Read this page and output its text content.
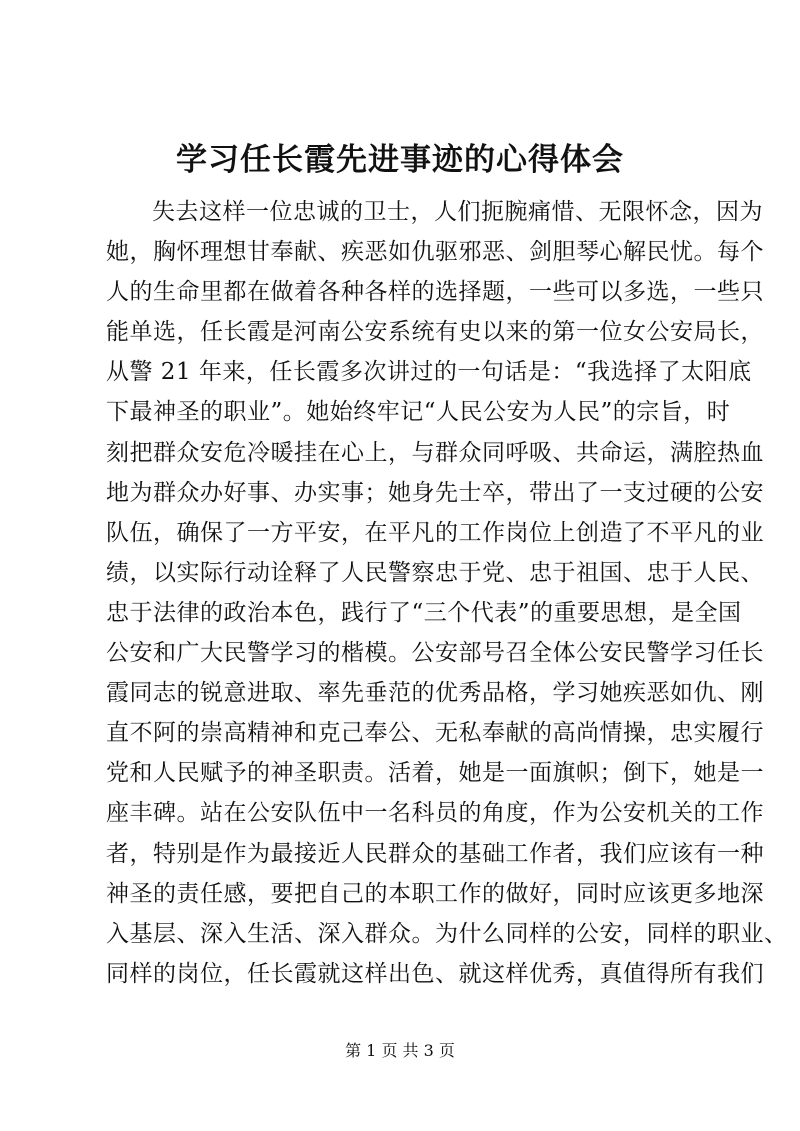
学习任长霞先进事迹的心得体会
失去这样一位忠诚的卫士，人们扼腕痛惜、无限怀念，因为
她，胸怀理想甘奉献、疾恶如仇驱邪恶、剑胆琴心解民忧。每个
人的生命里都在做着各种各样的选择题，一些可以多选，一些只
能单选，任长霞是河南公安系统有史以来的第一位女公安局长，
从警 21 年来，任长霞多次讲过的一句话是：“我选择了太阳底
下最神圣的职业”。她始终牢记“人民公安为人民”的宗旨，时
刻把群众安危冷暖挂在心上，与群众同呼吸、共命运，满腔热血
地为群众办好事、办实事；她身先士卒，带出了一支过硬的公安
队伍，确保了一方平安，在平凡的工作岗位上创造了不平凡的业
绩，以实际行动诠释了人民警察忠于党、忠于祖国、忠于人民、
忠于法律的政治本色，践行了“三个代表”的重要思想，是全国
公安和广大民警学习的楷模。公安部号召全体公安民警学习任长
霞同志的锐意进取、率先垂范的优秀品格，学习她疾恶如仇、刚
直不阿的崇高精神和克己奉公、无私奉献的高尚情操，忠实履行
党和人民赋予的神圣职责。活着，她是一面旗帜；倒下，她是一
座丰碑。站在公安队伍中一名科员的角度，作为公安机关的工作
者，特别是作为最接近人民群众的基础工作者，我们应该有一种
神圣的责任感，要把自己的本职工作的做好，同时应该更多地深
入基层、深入生活、深入群众。为什么同样的公安，同样的职业、
同样的岗位，任长霞就这样出色、就这样优秀，真值得所有我们
第 1 页 共 3 页
